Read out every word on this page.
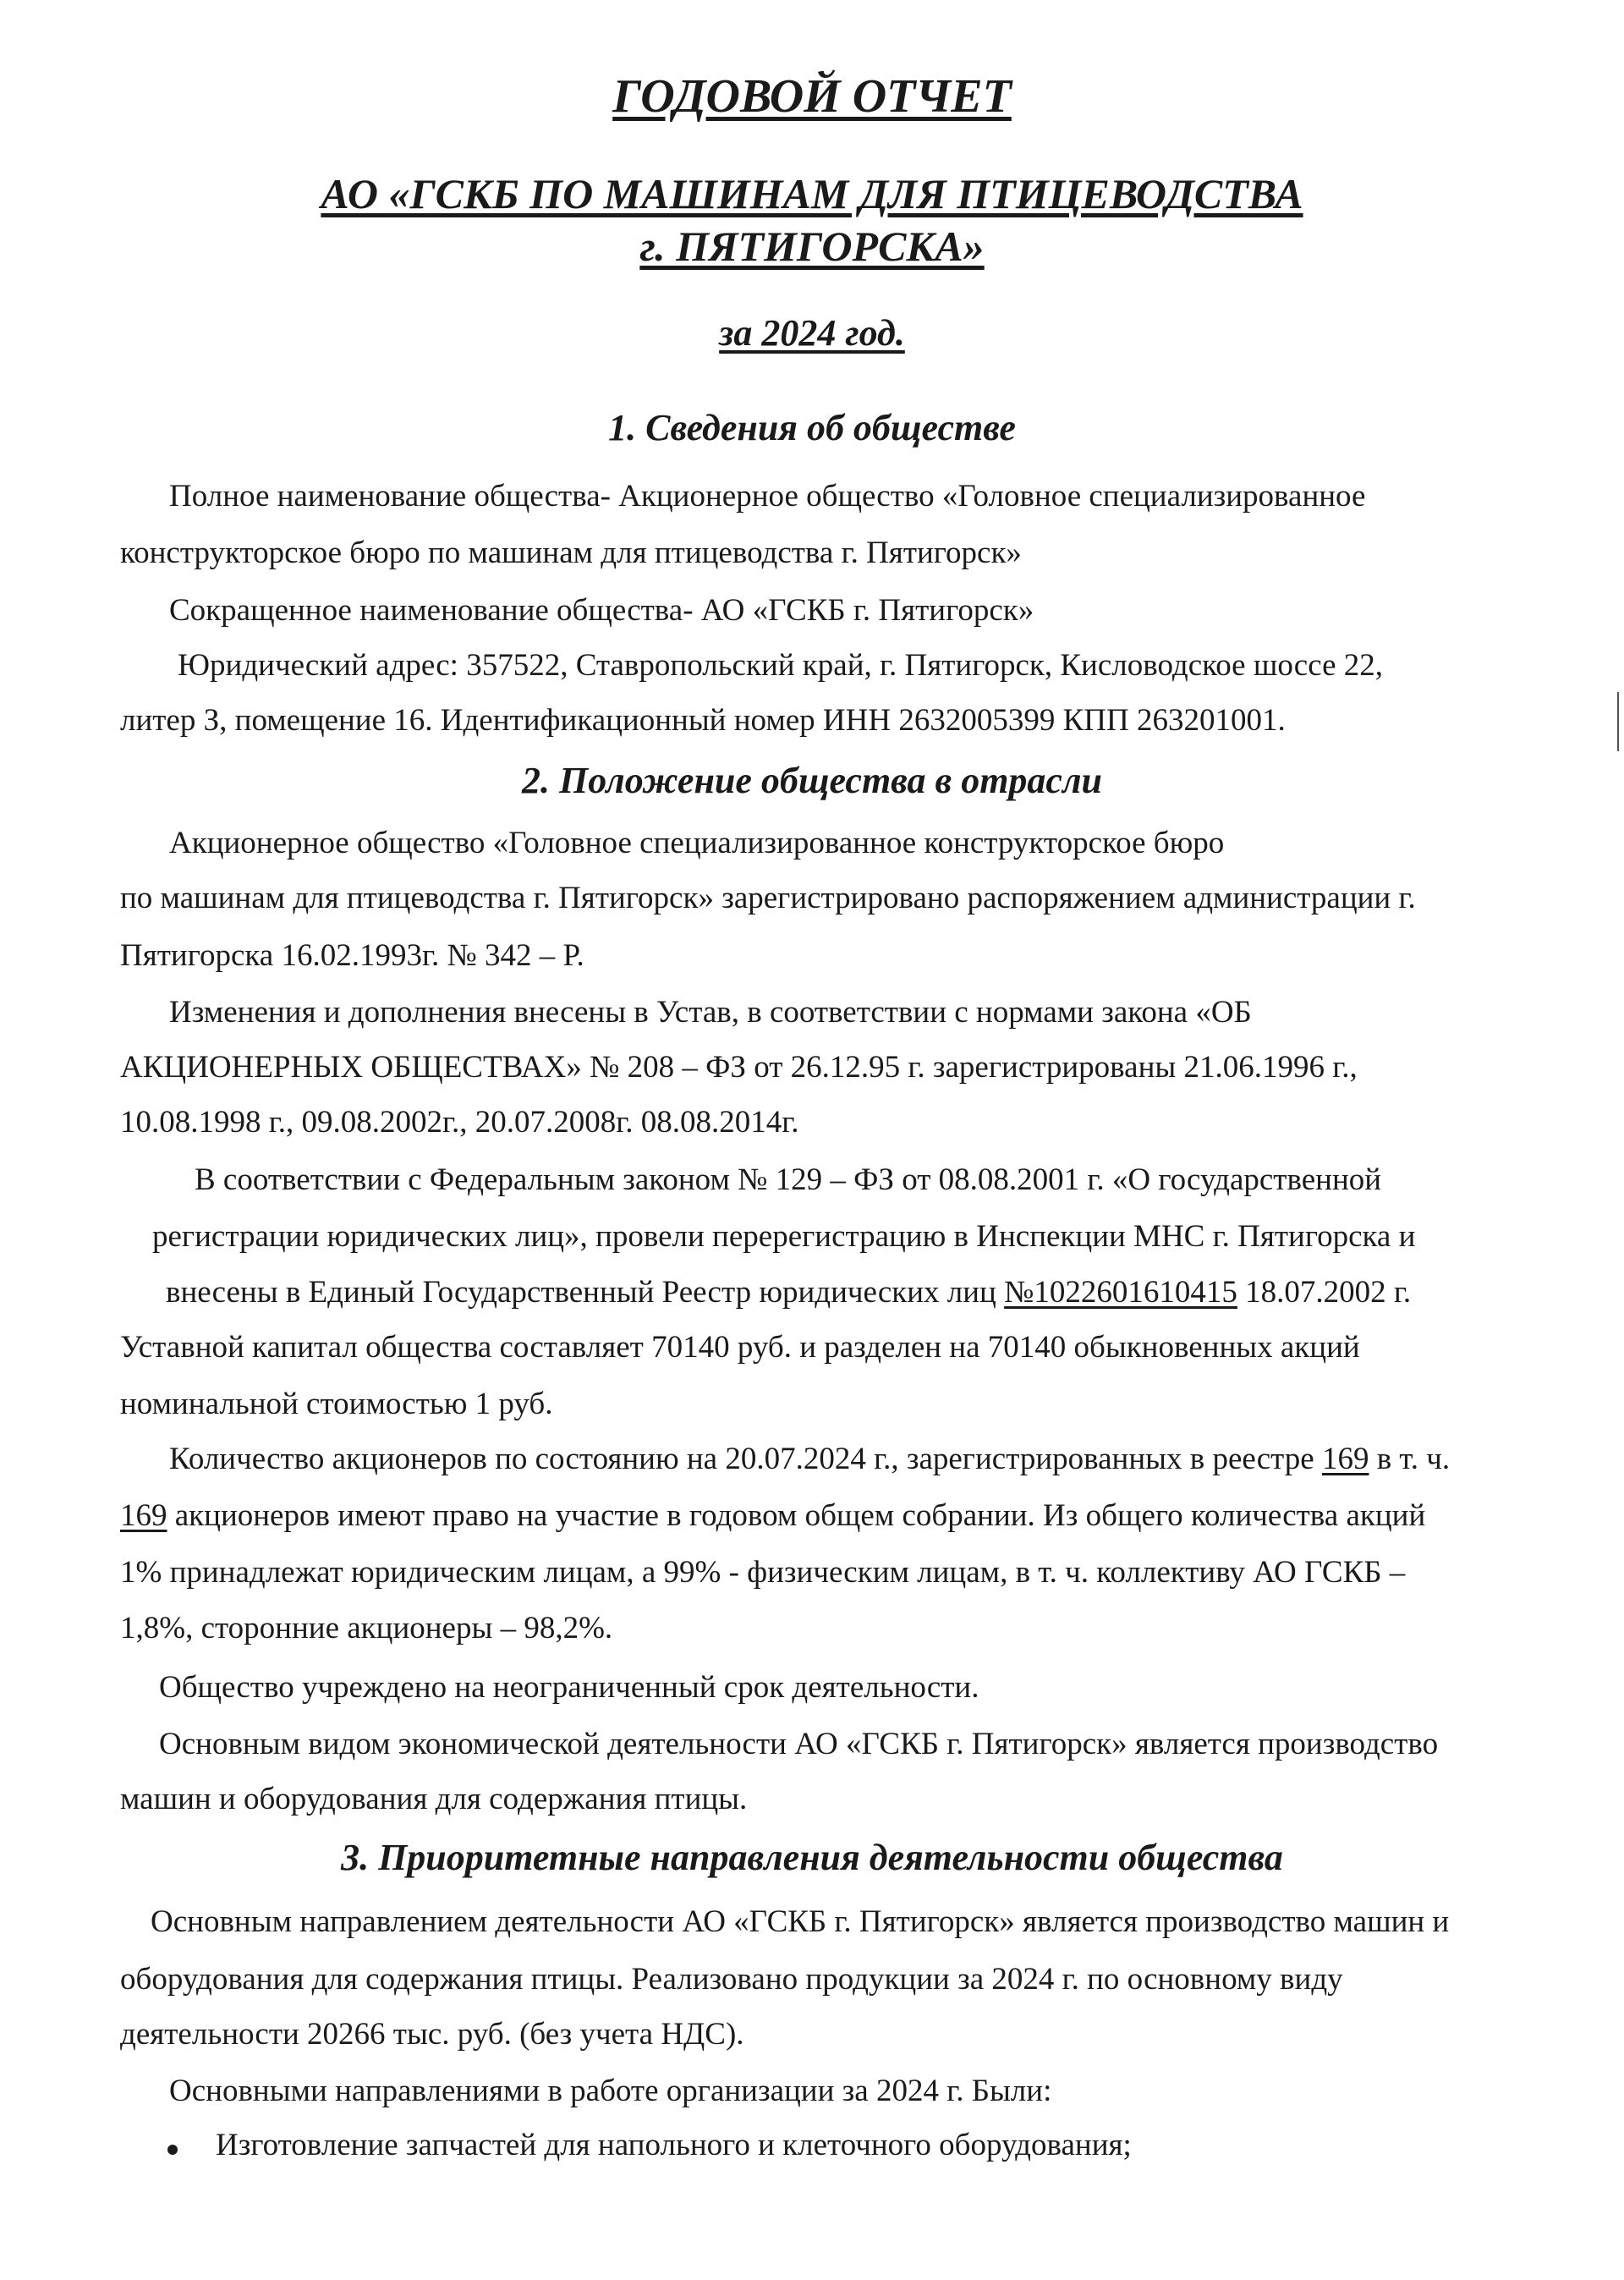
ГОДОВОЙ ОТЧЕТ
АО «ГСКБ ПО МАШИНАМ ДЛЯ ПТИЦЕВОДСТВА
г. ПЯТИГОРСКА»
за 2024 год.
1. Сведения об обществе
Полное наименование общества- Акционерное общество «Головное специализированное
конструкторское бюро по машинам для птицеводства г. Пятигорск»
Сокращенное наименование общества- АО «ГСКБ г. Пятигорск»
Юридический адрес: 357522, Ставропольский край, г. Пятигорск, Кисловодское шоссе 22,
литер З, помещение 16. Идентификационный номер ИНН 2632005399 КПП 263201001.
2. Положение общества в отрасли
Акционерное общество «Головное специализированное конструкторское бюро
по машинам для птицеводства г. Пятигорск» зарегистрировано распоряжением администрации г.
Пятигорска 16.02.1993г. № 342 – Р.
Изменения и дополнения внесены в Устав, в соответствии с нормами закона «ОБ
АКЦИОНЕРНЫХ ОБЩЕСТВАХ» № 208 – ФЗ от 26.12.95 г. зарегистрированы 21.06.1996 г.,
10.08.1998 г., 09.08.2002г., 20.07.2008г. 08.08.2014г.
В соответствии с Федеральным законом № 129 – ФЗ от 08.08.2001 г. «О государственной
регистрации юридических лиц», провели перерегистрацию в Инспекции МНС г. Пятигорска и
внесены в Единый Государственный Реестр юридических лиц №1022601610415 18.07.2002 г.
Уставной капитал общества составляет 70140 руб. и разделен на 70140 обыкновенных акций
номинальной стоимостью 1 руб.
Количество акционеров по состоянию на 20.07.2024 г., зарегистрированных в реестре 169 в т. ч.
169 акционеров имеют право на участие в годовом общем собрании. Из общего количества акций
1% принадлежат юридическим лицам, а 99% - физическим лицам, в т. ч. коллективу АО ГСКБ –
1,8%, сторонние акционеры – 98,2%.
Общество учреждено на неограниченный срок деятельности.
Основным видом экономической деятельности АО «ГСКБ г. Пятигорск» является производство
машин и оборудования для содержания птицы.
3. Приоритетные направления деятельности общества
Основным направлением деятельности АО «ГСКБ г. Пятигорск» является производство машин и
оборудования для содержания птицы. Реализовано продукции за 2024 г. по основному виду
деятельности 20266 тыс. руб. (без учета НДС).
Основными направлениями в работе организации за 2024 г. Были:
Изготовление запчастей для напольного и клеточного оборудования;
